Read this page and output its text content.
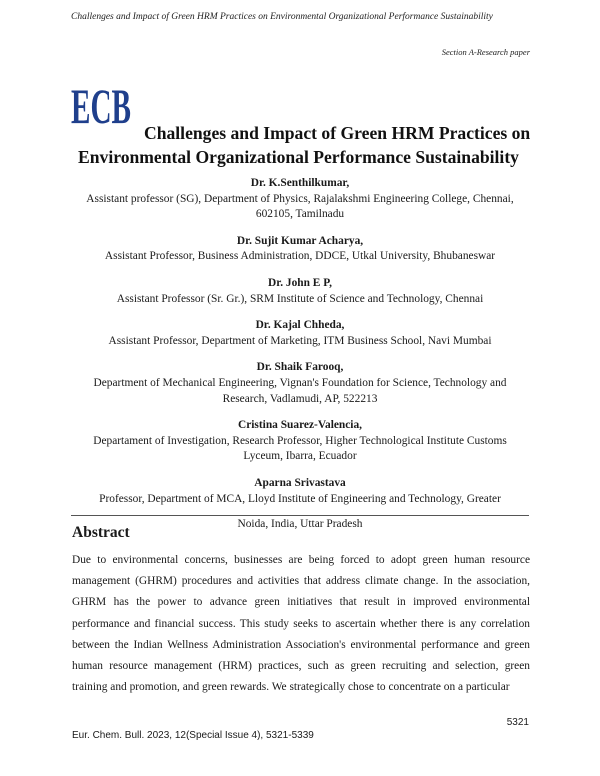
Challenges and Impact of Green HRM Practices on Environmental Organizational Performance Sustainability
Section A-Research paper
ECB Challenges and Impact of Green HRM Practices on
Environmental Organizational Performance Sustainability
Dr. K.Senthilkumar,
Assistant professor (SG), Department of Physics, Rajalakshmi Engineering College, Chennai, 602105, Tamilnadu
Dr. Sujit Kumar Acharya,
Assistant Professor, Business Administration, DDCE, Utkal University, Bhubaneswar
Dr. John E P,
Assistant Professor (Sr. Gr.), SRM Institute of Science and Technology, Chennai
Dr. Kajal Chheda,
Assistant Professor, Department of Marketing, ITM Business School, Navi Mumbai
Dr. Shaik Farooq,
Department of Mechanical Engineering, Vignan's Foundation for Science, Technology and Research, Vadlamudi, AP, 522213
Cristina Suarez-Valencia,
Departament of Investigation, Research Professor, Higher Technological Institute Customs Lyceum, Ibarra, Ecuador
Aparna Srivastava
Professor, Department of MCA, Lloyd Institute of Engineering and Technology, Greater
Noida, India, Uttar Pradesh
Abstract
Due to environmental concerns, businesses are being forced to adopt green human resource management (GHRM) procedures and activities that address climate change. In the association, GHRM has the power to advance green initiatives that result in improved environmental performance and financial success. This study seeks to ascertain whether there is any correlation between the Indian Wellness Administration Association's environmental performance and green human resource management (HRM) practices, such as green recruiting and selection, green training and promotion, and green rewards. We strategically chose to concentrate on a particular
5321
Eur. Chem. Bull. 2023, 12(Special Issue 4), 5321-5339
